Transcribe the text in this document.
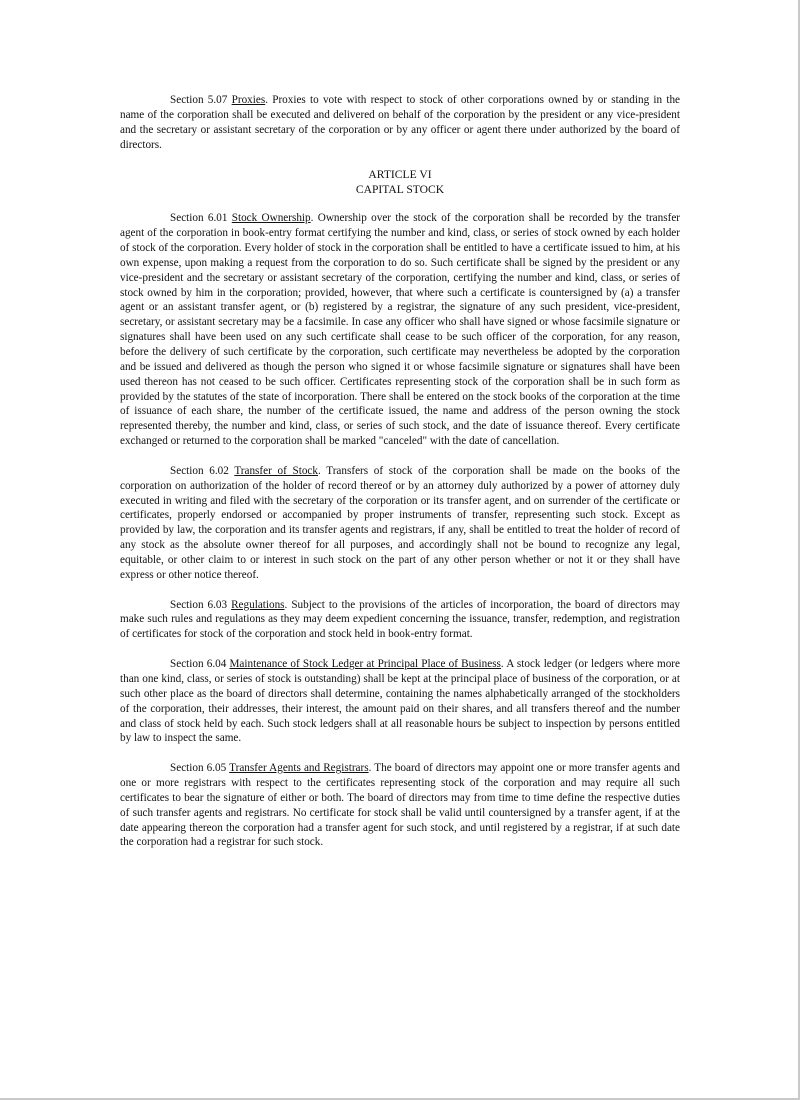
Section 5.07 Proxies. Proxies to vote with respect to stock of other corporations owned by or standing in the name of the corporation shall be executed and delivered on behalf of the corporation by the president or any vice-president and the secretary or assistant secretary of the corporation or by any officer or agent there under authorized by the board of directors.

ARTICLE VI
CAPITAL STOCK

Section 6.01 Stock Ownership. Ownership over the stock of the corporation shall be recorded by the transfer agent of the corporation in book-entry format certifying the number and kind, class, or series of stock owned by each holder of stock of the corporation. Every holder of stock in the corporation shall be entitled to have a certificate issued to him, at his own expense, upon making a request from the corporation to do so. Such certificate shall be signed by the president or any vice-president and the secretary or assistant secretary of the corporation, certifying the number and kind, class, or series of stock owned by him in the corporation; provided, however, that where such a certificate is countersigned by (a) a transfer agent or an assistant transfer agent, or (b) registered by a registrar, the signature of any such president, vice-president, secretary, or assistant secretary may be a facsimile. In case any officer who shall have signed or whose facsimile signature or signatures shall have been used on any such certificate shall cease to be such officer of the corporation, for any reason, before the delivery of such certificate by the corporation, such certificate may nevertheless be adopted by the corporation and be issued and delivered as though the person who signed it or whose facsimile signature or signatures shall have been used thereon has not ceased to be such officer. Certificates representing stock of the corporation shall be in such form as provided by the statutes of the state of incorporation. There shall be entered on the stock books of the corporation at the time of issuance of each share, the number of the certificate issued, the name and address of the person owning the stock represented thereby, the number and kind, class, or series of such stock, and the date of issuance thereof. Every certificate exchanged or returned to the corporation shall be marked "canceled" with the date of cancellation.

Section 6.02 Transfer of Stock. Transfers of stock of the corporation shall be made on the books of the corporation on authorization of the holder of record thereof or by an attorney duly authorized by a power of attorney duly executed in writing and filed with the secretary of the corporation or its transfer agent, and on surrender of the certificate or certificates, properly endorsed or accompanied by proper instruments of transfer, representing such stock. Except as provided by law, the corporation and its transfer agents and registrars, if any, shall be entitled to treat the holder of record of any stock as the absolute owner thereof for all purposes, and accordingly shall not be bound to recognize any legal, equitable, or other claim to or interest in such stock on the part of any other person whether or not it or they shall have express or other notice thereof.

Section 6.03 Regulations. Subject to the provisions of the articles of incorporation, the board of directors may make such rules and regulations as they may deem expedient concerning the issuance, transfer, redemption, and registration of certificates for stock of the corporation and stock held in book-entry format.

Section 6.04 Maintenance of Stock Ledger at Principal Place of Business. A stock ledger (or ledgers where more than one kind, class, or series of stock is outstanding) shall be kept at the principal place of business of the corporation, or at such other place as the board of directors shall determine, containing the names alphabetically arranged of the stockholders of the corporation, their addresses, their interest, the amount paid on their shares, and all transfers thereof and the number and class of stock held by each. Such stock ledgers shall at all reasonable hours be subject to inspection by persons entitled by law to inspect the same.

Section 6.05 Transfer Agents and Registrars. The board of directors may appoint one or more transfer agents and one or more registrars with respect to the certificates representing stock of the corporation and may require all such certificates to bear the signature of either or both. The board of directors may from time to time define the respective duties of such transfer agents and registrars. No certificate for stock shall be valid until countersigned by a transfer agent, if at the date appearing thereon the corporation had a transfer agent for such stock, and until registered by a registrar, if at such date the corporation had a registrar for such stock.
